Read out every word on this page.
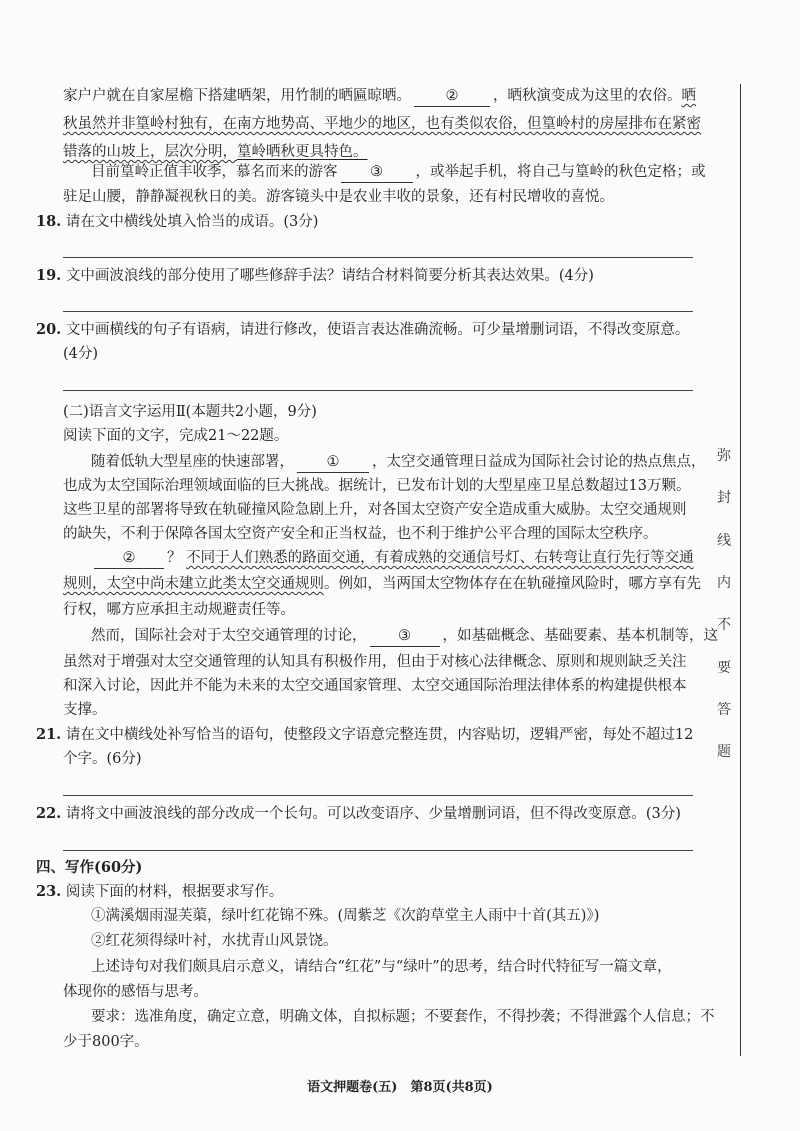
家户户就在自家屋檐下搭建晒架，用竹制的晒匾晾晒。 ② ，晒秋演变成为这里的农俗。晒
秋虽然并非篁岭村独有，在南方地势高、平地少的地区，也有类似农俗，但篁岭村的房屋排布在紧密
错落的山坡上，层次分明，篁岭晒秋更具特色。
目前篁岭正值丰收季，慕名而来的游客 ③ ，或举起手机，将自己与篁岭的秋色定格；或
驻足山腰，静静凝视秋日的美。游客镜头中是农业丰收的景象，还有村民增收的喜悦。
18. 请在文中横线处填入恰当的成语。(3分)
19. 文中画波浪线的部分使用了哪些修辞手法？请结合材料简要分析其表达效果。(4分)
20. 文中画横线的句子有语病，请进行修改，使语言表达准确流畅。可少量增删词语，不得改变原意。
(4分)
(二)语言文字运用Ⅱ(本题共2小题，9分)
阅读下面的文字，完成21～22题。
随着低轨大型星座的快速部署， ① ，太空交通管理日益成为国际社会讨论的热点焦点，
也成为太空国际治理领域面临的巨大挑战。据统计，已发布计划的大型星座卫星总数超过13万颗。
这些卫星的部署将导致在轨碰撞风险急剧上升，对各国太空资产安全造成重大威胁。太空交通规则
的缺失，不利于保障各国太空资产安全和正当权益，也不利于维护公平合理的国际太空秩序。
② ？ 不同于人们熟悉的路面交通，有着成熟的交通信号灯、右转弯让直行先行等交通
规则，太空中尚未建立此类太空交通规则。例如，当两国太空物体存在在轨碰撞风险时，哪方享有先
行权，哪方应承担主动规避责任等。
然而，国际社会对于太空交通管理的讨论， ③ ，如基础概念、基础要素、基本机制等，这
虽然对于增强对太空交通管理的认知具有积极作用，但由于对核心法律概念、原则和规则缺乏关注
和深入讨论，因此并不能为未来的太空交通国家管理、太空交通国际治理法律体系的构建提供根本
支撑。
21. 请在文中横线处补写恰当的语句，使整段文字语意完整连贯，内容贴切，逻辑严密，每处不超过12
个字。(6分)
22. 请将文中画波浪线的部分改成一个长句。可以改变语序、少量增删词语，但不得改变原意。(3分)
四、写作(60分)
23. 阅读下面的材料，根据要求写作。
①满溪烟雨湿芙蕖，绿叶红花锦不殊。(周紫芝《次韵草堂主人雨中十首(其五)》)
②红花须得绿叶衬，水扰青山风景饶。
上述诗句对我们颇具启示意义，请结合“红花”与“绿叶”的思考，结合时代特征写一篇文章，
体现你的感悟与思考。
要求：选准角度，确定立意，明确文体，自拟标题；不要套作，不得抄袭；不得泄露个人信息；不
少于800字。
弥
封
线
内
不
要
答
题
语文押题卷(五)　第8页(共8页)
